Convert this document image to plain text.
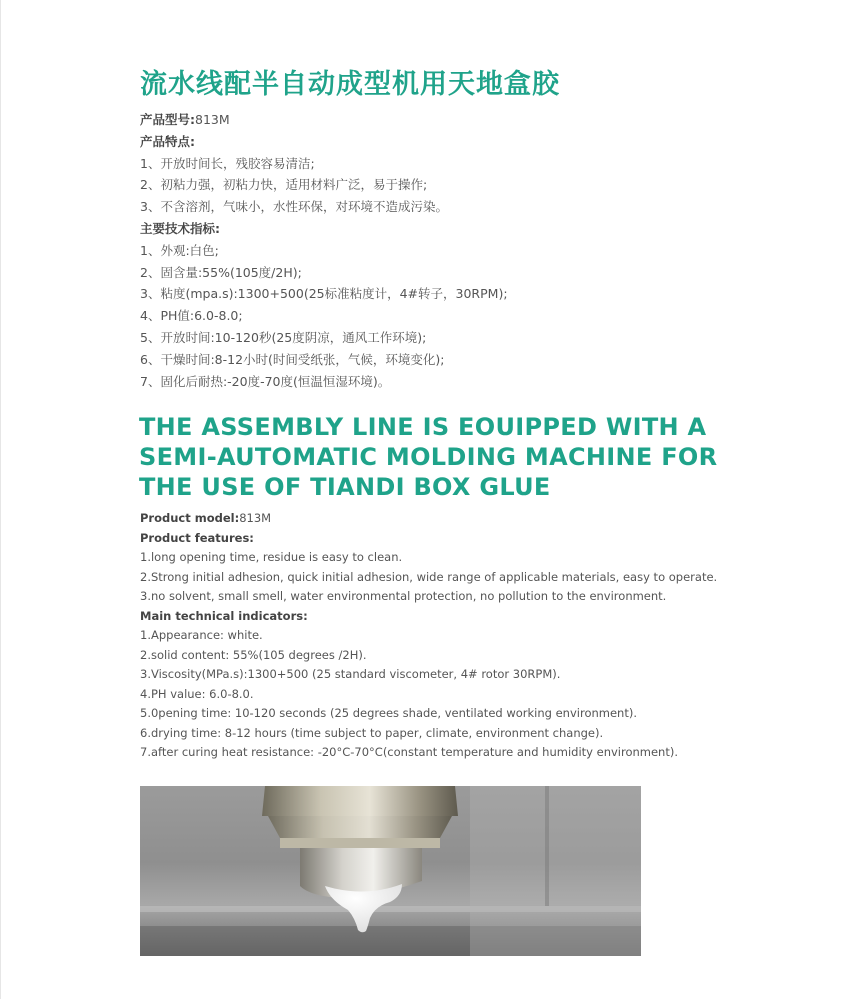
流水线配半自动成型机用天地盒胶
产品型号:813M
产品特点:
1、开放时间长，残胶容易清洁;
2、初粘力强，初粘力快，适用材料广泛，易于操作;
3、不含溶剂，气味小，水性环保，对环境不造成污染。
主要技术指标:
1、外观:白色;
2、固含量:55%(105度/2H);
3、粘度(mpa.s):1300+500(25标准粘度计，4#转子，30RPM);
4、PH值:6.0-8.0;
5、开放时间:10-120秒(25度阴凉，通风工作环境);
6、干燥时间:8-12小时(时间受纸张，气候，环境变化);
7、固化后耐热:-20度-70度(恒温恒湿环境)。
THE ASSEMBLY LINE IS EOUIPPED WITH A SEMI-AUTOMATIC MOLDING MACHINE FOR THE USE OF TIANDI BOX GLUE
Product model:813M
Product features:
1.long opening time, residue is easy to clean.
2.Strong initial adhesion, quick initial adhesion, wide range of applicable materials, easy to operate.
3.no solvent, small smell, water environmental protection, no pollution to the environment.
Main technical indicators:
1.Appearance: white.
2.solid content: 55%(105 degrees /2H).
3.Viscosity(MPa.s):1300+500 (25 standard viscometer, 4# rotor 30RPM).
4.PH value: 6.0-8.0.
5.0pening time: 10-120 seconds (25 degrees shade, ventilated working environment).
6.drying time: 8-12 hours (time subject to paper, climate, environment change).
7.after curing heat resistance: -20°C-70°C(constant temperature and humidity environment).
